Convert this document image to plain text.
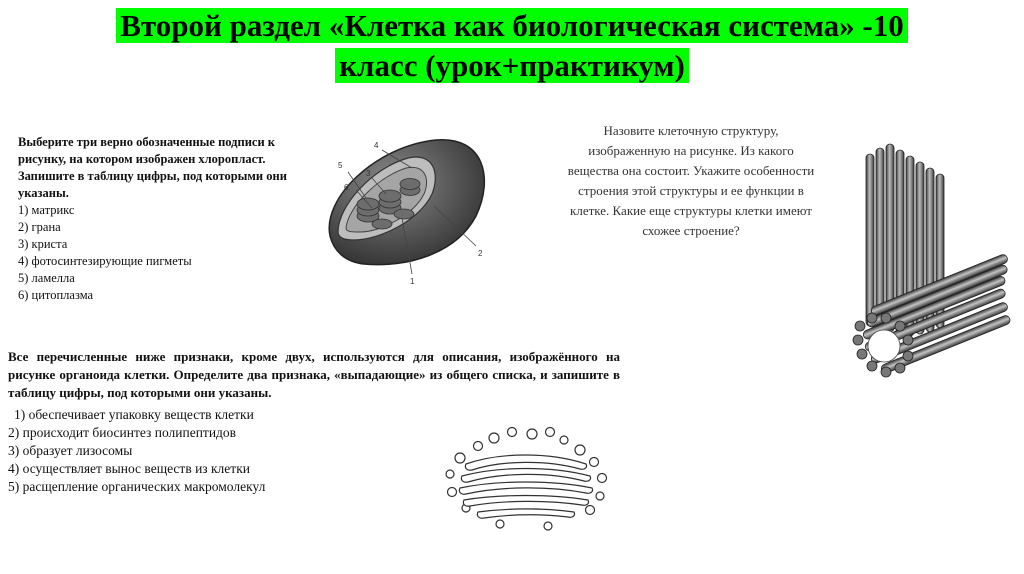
Второй раздел «Клетка как биологическая система» -10
класс (урок+практикум)

Выберите три верно обозначенные подписи к рисунку, на котором изображен хлоропласт. Запишите в таблицу цифры, под которыми они указаны.

1) матрикс
2) грана
3) криста
4) фотосинтезирующие пигметы
5) ламелла
6) цитоплазма
5
6
3
4
2
1
Назовите клеточную структуру, изображенную на рисунке. Из какого вещества она состоит. Укажите особенности строения этой структуры и ее функции в клетке. Какие еще структуры клетки имеют схожее строение?

Все перечисленные ниже признаки, кроме двух, используются для описания, изображённого на рисунке органоида клетки. Определите два признака, «выпадающие» из общего списка, и запишите в таблицу цифры, под которыми они указаны.

1) обеспечивает упаковку веществ клетки
2) происходит биосинтез полипептидов
3) образует лизосомы
4) осуществляет вынос веществ из клетки
5) расщепление органических макромолекул
